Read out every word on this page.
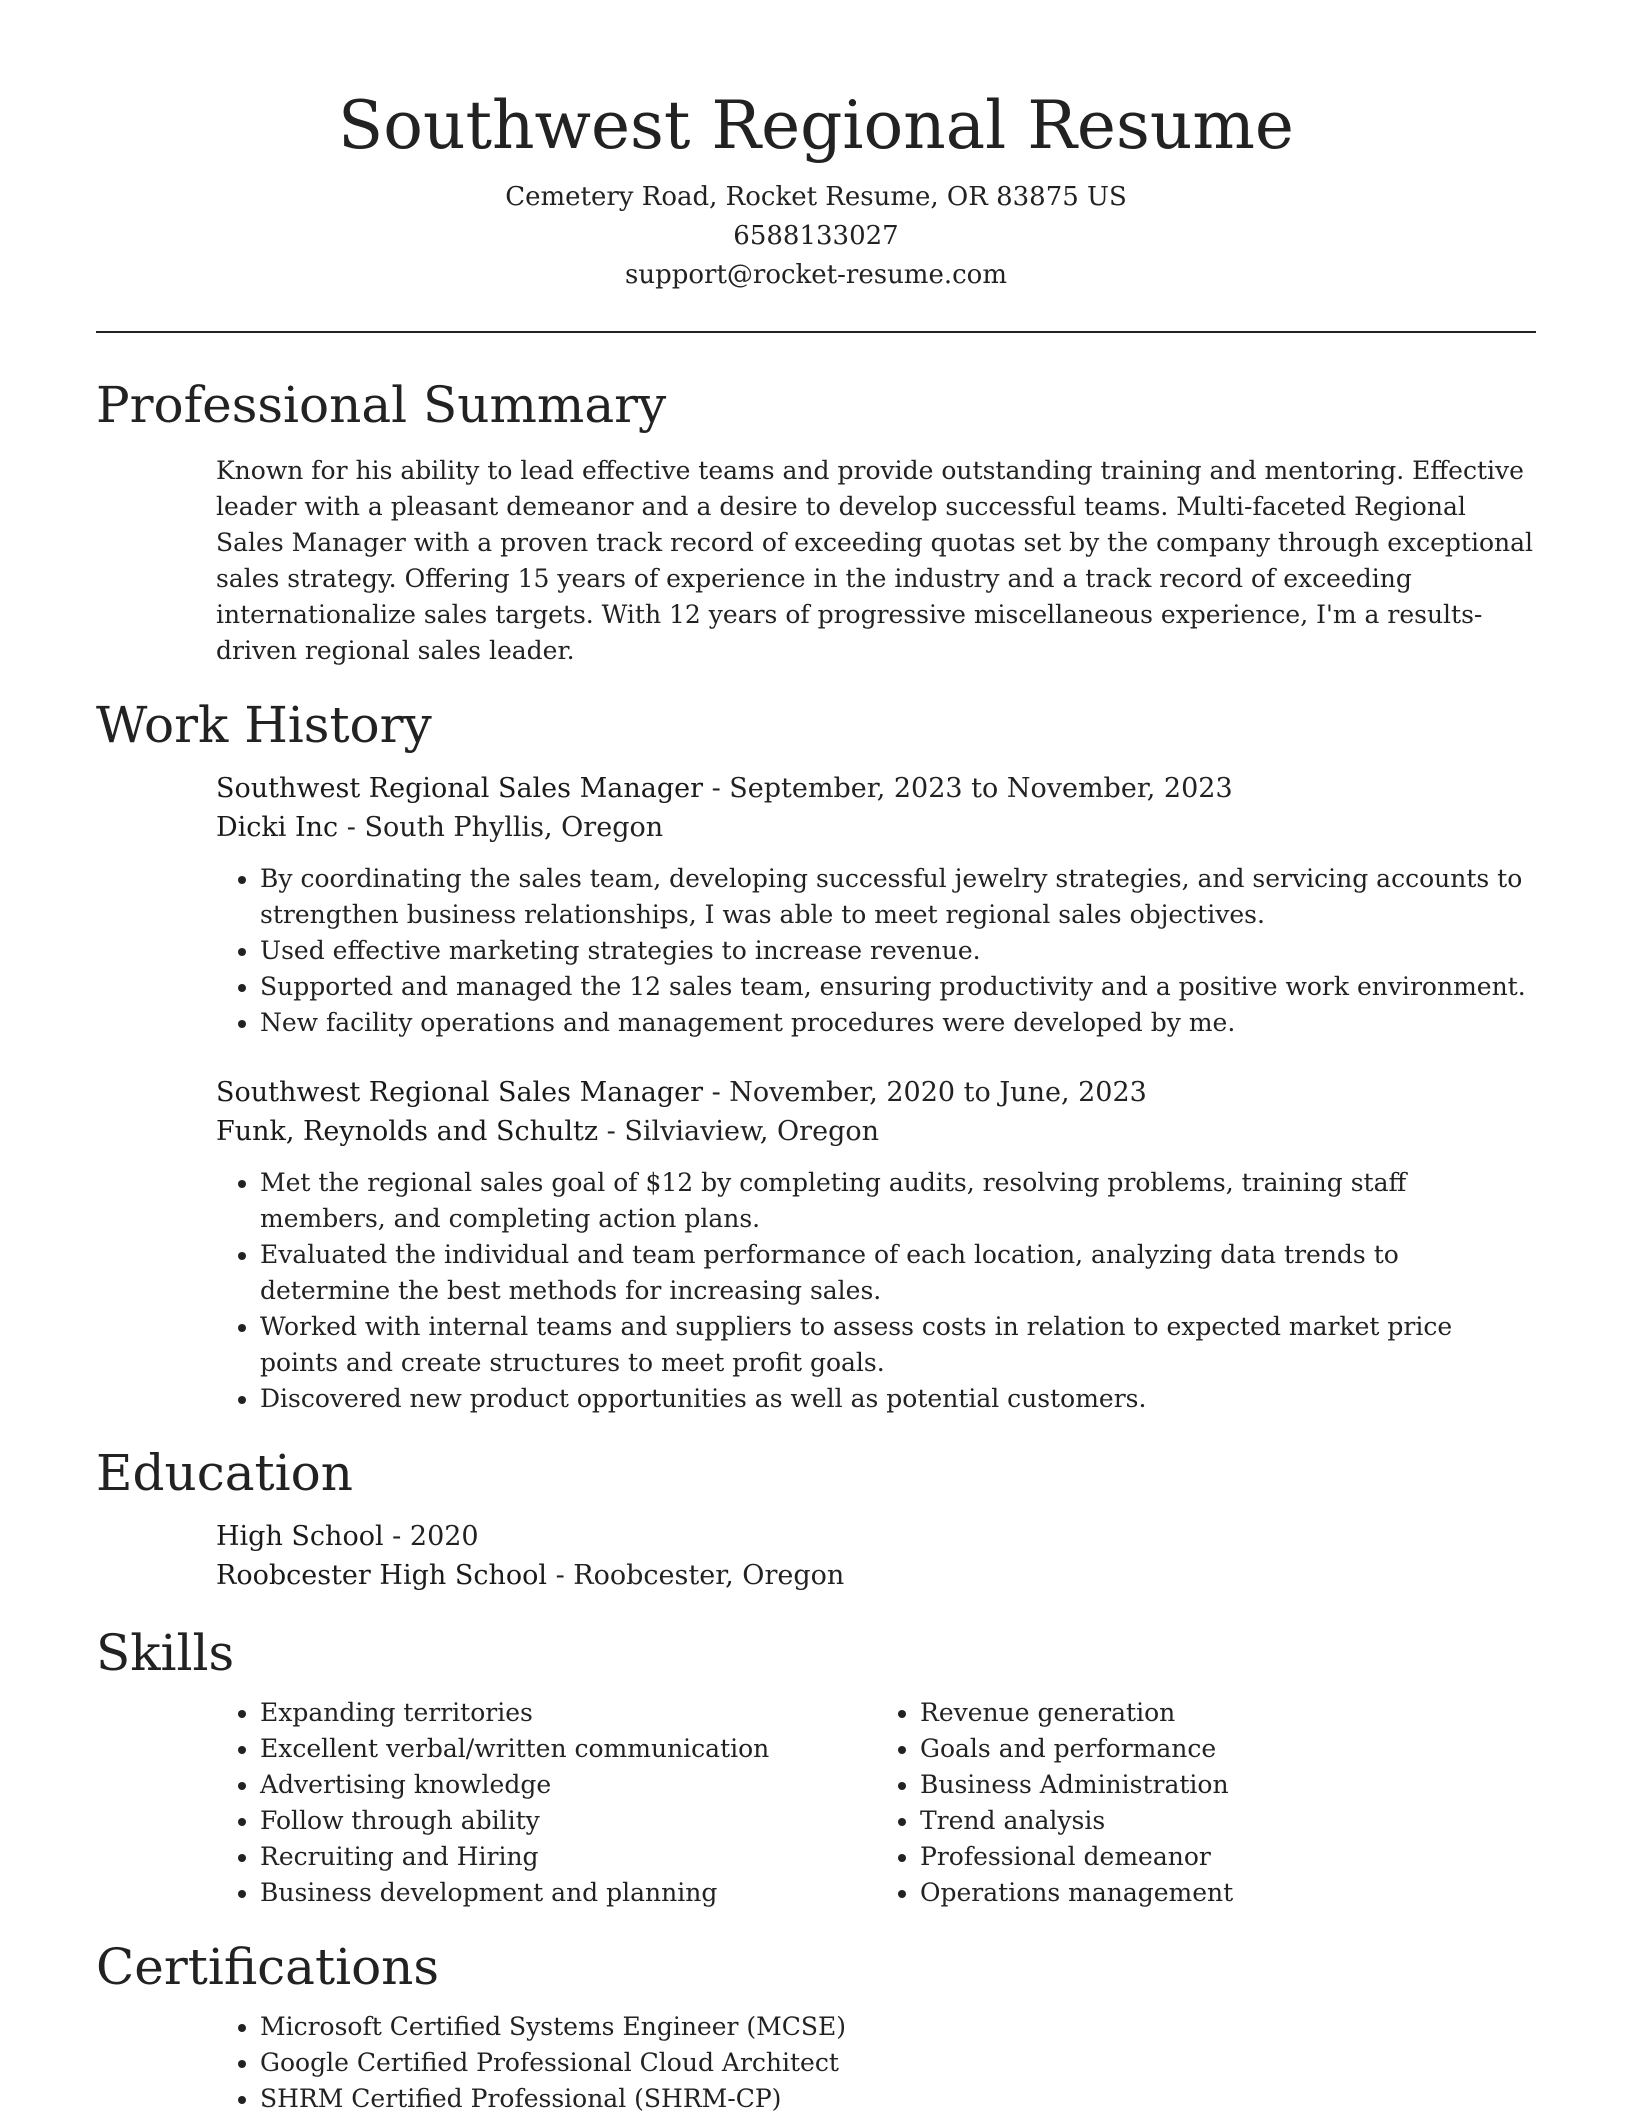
Southwest Regional Resume

Cemetery Road, Rocket Resume, OR 83875 US

6588133027

support@rocket-resume.com

Professional Summary

Known for his ability to lead effective teams and provide outstanding training and mentoring. Effective leader with a pleasant demeanor and a desire to develop successful teams. Multi-faceted Regional Sales Manager with a proven track record of exceeding quotas set by the company through exceptional sales strategy. Offering 15 years of experience in the industry and a track record of exceeding internationalize sales targets. With 12 years of progressive miscellaneous experience, I'm a results-driven regional sales leader.

Work History

Southwest Regional Sales Manager - September, 2023 to November, 2023

Dicki Inc - South Phyllis, Oregon

• By coordinating the sales team, developing successful jewelry strategies, and servicing accounts to strengthen business relationships, I was able to meet regional sales objectives.
• Used effective marketing strategies to increase revenue.
• Supported and managed the 12 sales team, ensuring productivity and a positive work environment.
• New facility operations and management procedures were developed by me.

Southwest Regional Sales Manager - November, 2020 to June, 2023

Funk, Reynolds and Schultz - Silviaview, Oregon

• Met the regional sales goal of $12 by completing audits, resolving problems, training staff members, and completing action plans.
• Evaluated the individual and team performance of each location, analyzing data trends to determine the best methods for increasing sales.
• Worked with internal teams and suppliers to assess costs in relation to expected market price points and create structures to meet profit goals.
• Discovered new product opportunities as well as potential customers.
Education

High School - 2020

Roobcester High School - Roobcester, Oregon

Skills
• Expanding territories
• Excellent verbal/written communication
• Advertising knowledge
• Follow through ability
• Recruiting and Hiring
• Business development and planning
• Revenue generation
• Goals and performance
• Business Administration
• Trend analysis
• Professional demeanor
• Operations management
Certifications
• Microsoft Certified Systems Engineer (MCSE)
• Google Certified Professional Cloud Architect
• SHRM Certified Professional (SHRM-CP)
